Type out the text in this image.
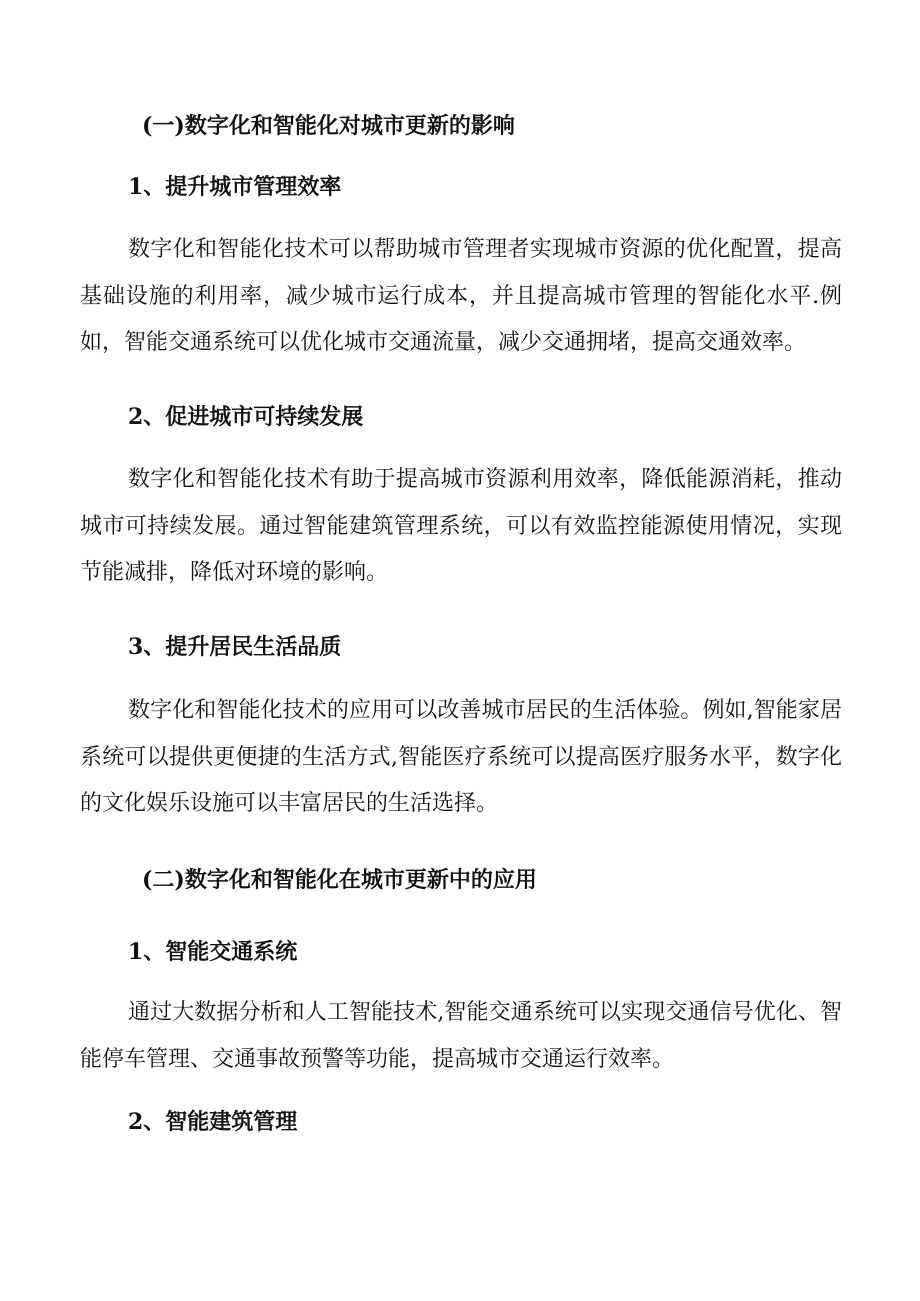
(一)数字化和智能化对城市更新的影响
1、提升城市管理效率

数字化和智能化技术可以帮助城市管理者实现城市资源的优化配置，提高基础设施的利用率，减少城市运行成本，并且提高城市管理的智能化水平.例如，智能交通系统可以优化城市交通流量，减少交通拥堵，提高交通效率。

2、促进城市可持续发展

数字化和智能化技术有助于提高城市资源利用效率，降低能源消耗，推动城市可持续发展。通过智能建筑管理系统，可以有效监控能源使用情况，实现节能减排，降低对环境的影响。

3、提升居民生活品质

数字化和智能化技术的应用可以改善城市居民的生活体验。例如,智能家居系统可以提供更便捷的生活方式,智能医疗系统可以提高医疗服务水平，数字化的文化娱乐设施可以丰富居民的生活选择。

(二)数字化和智能化在城市更新中的应用
1、智能交通系统

通过大数据分析和人工智能技术,智能交通系统可以实现交通信号优化、智能停车管理、交通事故预警等功能，提高城市交通运行效率。

2、智能建筑管理
